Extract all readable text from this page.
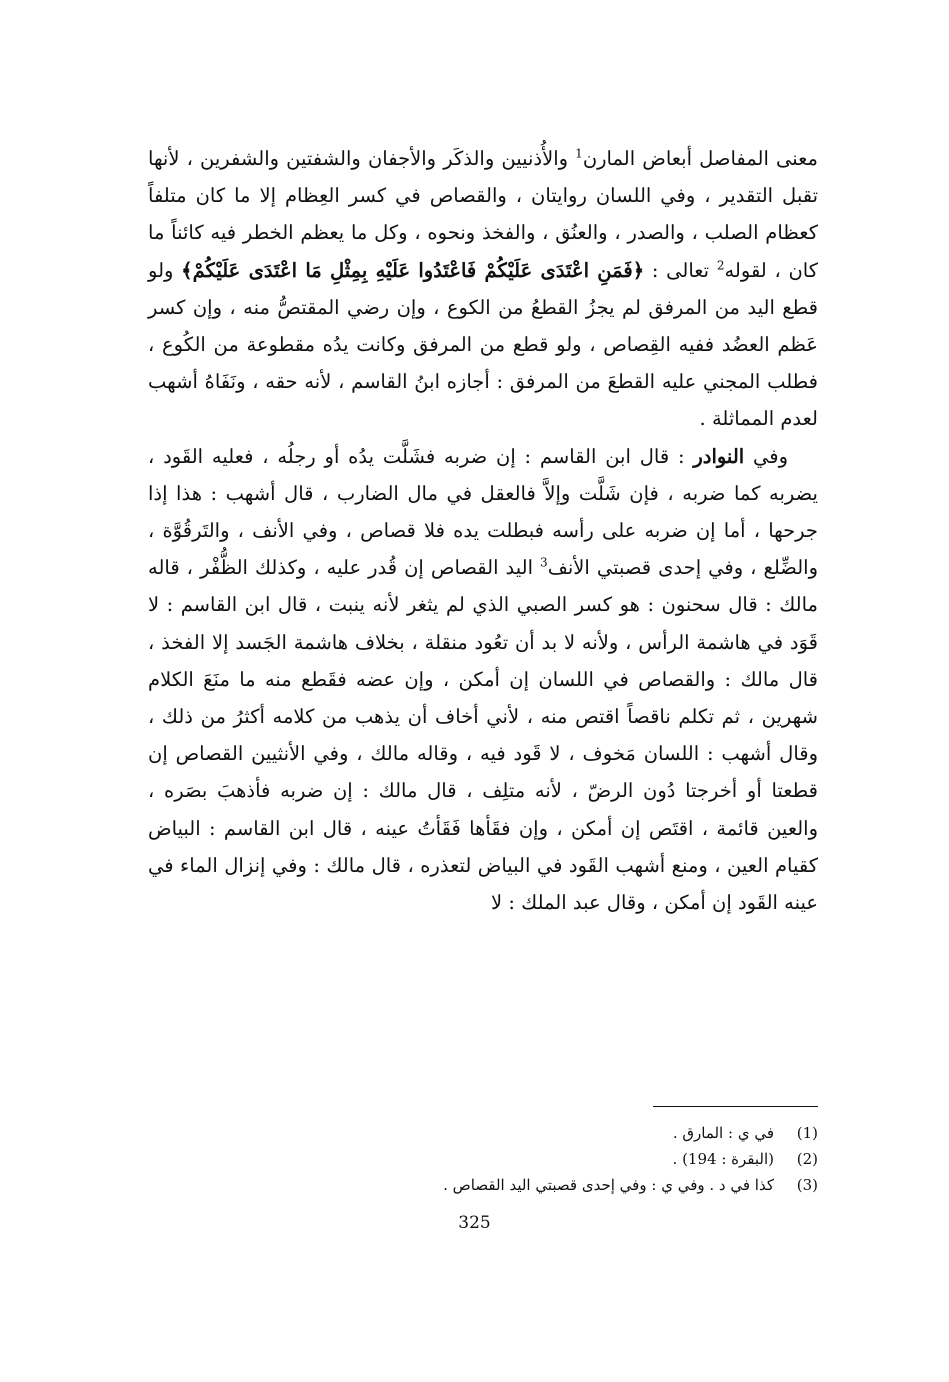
معنى المفاصل أبعاض المارن$^1$ والأُذنيين والذكَر والأجفان والشفتين والشفرين ، لأنها تقبل التقدير ، وفي اللسان روايتان ، والقصاص في كسر العِظام إلا ما كان متلفاً كعظام الصلب ، والصدر ، والعنُق ، والفخذ ونحوه ، وكل ما يعظم الخطر فيه كائناً ما كان ، لقوله$^2$ تعالى : ﴿فَمَنِ اعْتَدَى عَلَيْكُمْ فَاعْتَدُوا عَلَيْهِ بِمِثْلِ مَا اعْتَدَى عَلَيْكُمْ﴾ ولو قطع اليد من المرفق لم يجزُ القطعُ من الكوع ، وإن رضي المقتصُّ منه ، وإن كسر عَظم العضُد ففيه القِصاص ، ولو قطع من المرفق وكانت يدُه مقطوعة من الكُوع ، فطلب المجني عليه القطعَ من المرفق : أجازه ابنُ القاسم ، لأنه حقه ، ونَفَاهُ أشهب لعدم المماثلة .

وفي النوادر : قال ابن القاسم : إن ضربه فشَلَّت يدُه أو رجلُه ، فعليه القَود ، يضربه كما ضربه ، فإن شَلَّت وإلاَّ فالعقل في مال الضارب ، قال أشهب : هذا إذا جرحها ، أما إن ضربه على رأسه فبطلت يده فلا قصاص ، وفي الأنف ، والتَرقُوَّة ، والضِّلع ، وفي إحدى قصبتي الأنف$^3$ اليد القصاص إن قُدر عليه ، وكذلك الظُّفْر ، قاله مالك : قال سحنون : هو كسر الصبي الذي لم يثغر لأنه ينبت ، قال ابن القاسم : لا قَوَد في هاشمة الرأس ، ولأنه لا بد أن تعُود منقلة ، بخلاف هاشمة الجَسد إلا الفخذ ، قال مالك : والقصاص في اللسان إن أمكن ، وإن عضه فقَطع منه ما منَعَ الكلام شهرين ، ثم تكلم ناقصاً اقتص منه ، لأني أخاف أن يذهب من كلامه أكثرُ من ذلك ، وقال أشهب : اللسان مَخوف ، لا قَود فيه ، وقاله مالك ، وفي الأنثيين القصاص إن قطعتا أو أخرجتا دُون الرضّ ، لأنه متلِف ، قال مالك : إن ضربه فأذهبَ بصَره ، والعين قائمة ، اقتَص إن أمكن ، وإن فقَأها فَقَأتُ عينه ، قال ابن القاسم : البياض كقيام العين ، ومنع أشهب القَود في البياض لتعذره ، قال مالك : وفي إنزال الماء في عينه القَود إن أمكن ، وقال عبد الملك : لا

(1)
في ي : المارق .
(2)
(البقرة : 194) .
(3)
كذا في د . وفي ي : وفي إحدى قصبتي اليد القصاص .
325
